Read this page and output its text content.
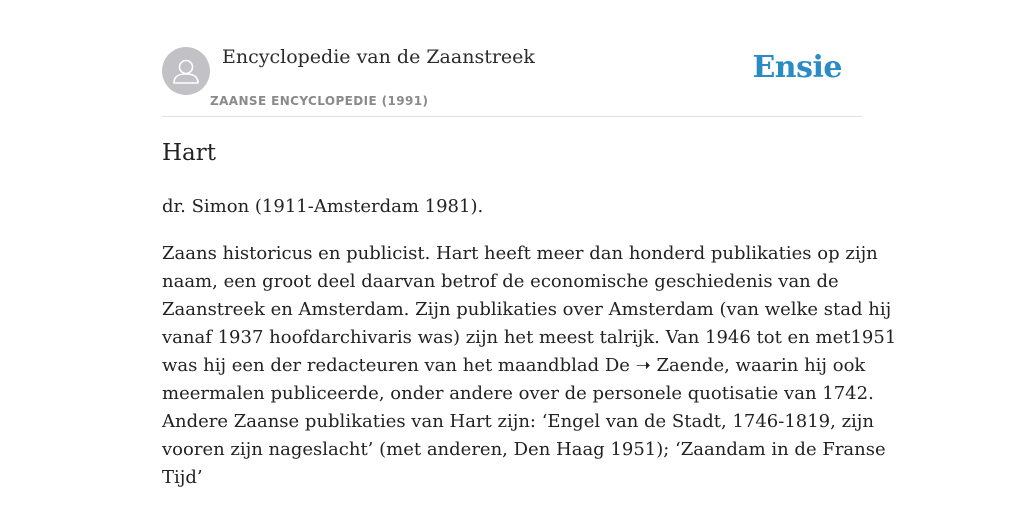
Encyclopedie van de Zaanstreek
ZAANSE ENCYCLOPEDIE (1991)
Ensie
Hart

dr. Simon (1911-Amsterdam 1981).

Zaans historicus en publicist. Hart heeft meer dan honderd publikaties op zijn
naam, een groot deel daarvan betrof de economische geschiedenis van de
Zaanstreek en Amsterdam. Zijn publikaties over Amsterdam (van welke stad hij
vanaf 1937 hoofdarchivaris was) zijn het meest talrijk. Van 1946 tot en met1951
was hij een der redacteuren van het maandblad De ➝ Zaende, waarin hij ook
meermalen publiceerde, onder andere over de personele quotisatie van 1742.
Andere Zaanse publikaties van Hart zijn: ‘Engel van de Stadt, 1746-1819, zijn
vooren zijn nageslacht’ (met anderen, Den Haag 1951); ‘Zaandam in de Franse
Tijd’
